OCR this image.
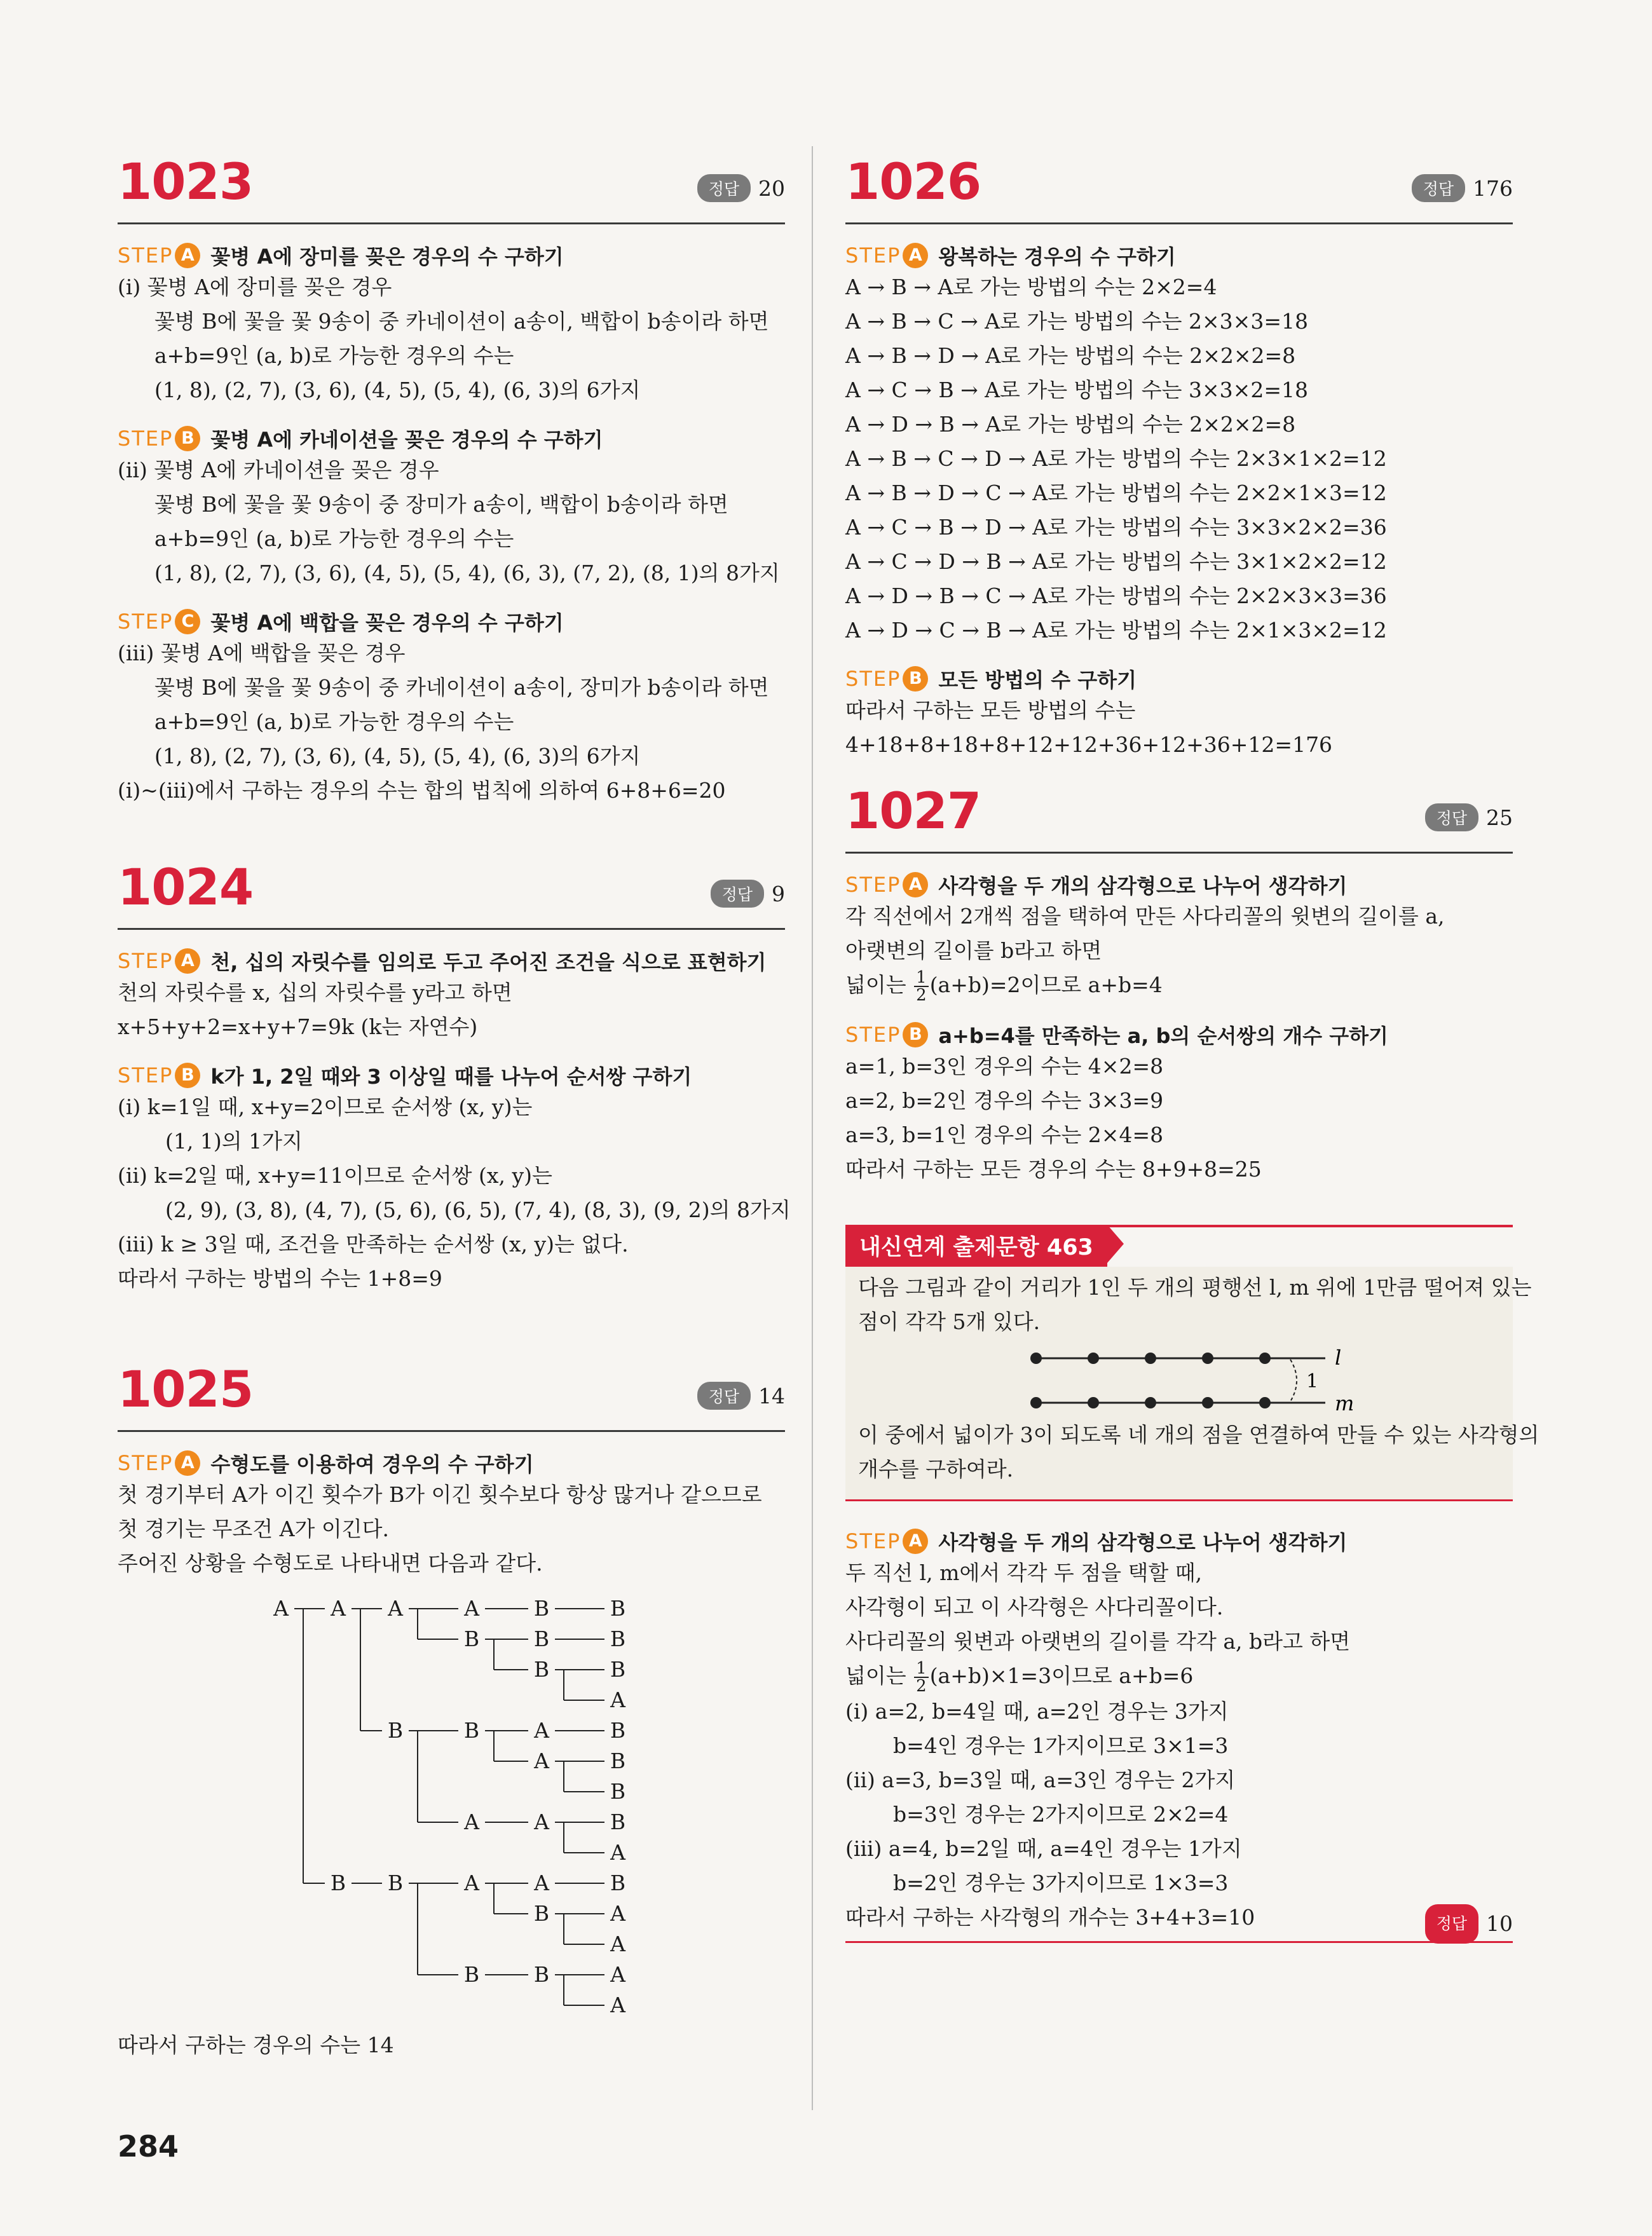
1023	정답 20
STEP A 꽃병 A에 장미를 꽂은 경우의 수 구하기
(ⅰ) 꽃병 A에 장미를 꽂은 경우
꽃병 B에 꽃을 꽃 9송이 중 카네이션이 a송이, 백합이 b송이라 하면
a+b=9인 (a, b)로 가능한 경우의 수는
(1, 8), (2, 7), (3, 6), (4, 5), (5, 4), (6, 3)의 6가지
STEP B 꽃병 A에 카네이션을 꽂은 경우의 수 구하기
(ⅱ) 꽃병 A에 카네이션을 꽂은 경우
꽃병 B에 꽃을 꽃 9송이 중 장미가 a송이, 백합이 b송이라 하면
a+b=9인 (a, b)로 가능한 경우의 수는
(1, 8), (2, 7), (3, 6), (4, 5), (5, 4), (6, 3), (7, 2), (8, 1)의 8가지
STEP C 꽃병 A에 백합을 꽂은 경우의 수 구하기
(ⅲ) 꽃병 A에 백합을 꽂은 경우
꽃병 B에 꽃을 꽃 9송이 중 카네이션이 a송이, 장미가 b송이라 하면
a+b=9인 (a, b)로 가능한 경우의 수는
(1, 8), (2, 7), (3, 6), (4, 5), (5, 4), (6, 3)의 6가지
(ⅰ)~(ⅲ)에서 구하는 경우의 수는 합의 법칙에 의하여 6+8+6=20
1024	정답 9
STEP A 천, 십의 자릿수를 임의로 두고 주어진 조건을 식으로 표현하기
천의 자릿수를 x, 십의 자릿수를 y라고 하면
x+5+y+2=x+y+7=9k (k는 자연수)
STEP B k가 1, 2일 때와 3 이상일 때를 나누어 순서쌍 구하기
(ⅰ) k=1일 때, x+y=2이므로 순서쌍 (x, y)는
(1, 1)의 1가지
(ⅱ) k=2일 때, x+y=11이므로 순서쌍 (x, y)는
(2, 9), (3, 8), (4, 7), (5, 6), (6, 5), (7, 4), (8, 3), (9, 2)의 8가지
(ⅲ) k ≥ 3일 때, 조건을 만족하는 순서쌍 (x, y)는 없다.
따라서 구하는 방법의 수는 1+8=9
1025	정답 14
STEP A 수형도를 이용하여 경우의 수 구하기
첫 경기부터 A가 이긴 횟수가 B가 이긴 횟수보다 항상 많거나 같으므로
첫 경기는 무조건 A가 이긴다.
주어진 상황을 수형도로 나타내면 다음과 같다.
A A A	A	B	B
B	B	B
B	B
A
B	B	A	B
A	B
B
A	A	B
A
B B	A	A	B
B	A
A
B	B	A
A
따라서 구하는 경우의 수는 14
1026	정답 176
STEP A 왕복하는 경우의 수 구하기
A → B → A로 가는 방법의 수는 2×2=4
A → B → C → A로 가는 방법의 수는 2×3×3=18
A → B → D → A로 가는 방법의 수는 2×2×2=8
A → C → B → A로 가는 방법의 수는 3×3×2=18
A → D → B → A로 가는 방법의 수는 2×2×2=8
A → B → C → D → A로 가는 방법의 수는 2×3×1×2=12
A → B → D → C → A로 가는 방법의 수는 2×2×1×3=12
A → C → B → D → A로 가는 방법의 수는 3×3×2×2=36
A → C → D → B → A로 가는 방법의 수는 3×1×2×2=12
A → D → B → C → A로 가는 방법의 수는 2×2×3×3=36
A → D → C → B → A로 가는 방법의 수는 2×1×3×2=12
STEP B 모든 방법의 수 구하기
따라서 구하는 모든 방법의 수는
4+18+8+18+8+12+12+36+12+36+12=176
1027	정답 25
STEP A 사각형을 두 개의 삼각형으로 나누어 생각하기
각 직선에서 2개씩 점을 택하여 만든 사다리꼴의 윗변의 길이를 a,
아랫변의 길이를 b라고 하면
넓이는 $\frac{1}{2} (a+b)=2$이므로 a+b=4
STEP B a+b=4를 만족하는 a, b의 순서쌍의 개수 구하기
a=1, b=3인 경우의 수는 4×2=8
a=2, b=2인 경우의 수는 3×3=9
a=3, b=1인 경우의 수는 2×4=8
따라서 구하는 모든 경우의 수는 8+9+8=25
내신연계 출제문항 463
다음 그림과 같이 거리가 1인 두 개의 평행선 l, m 위에 1만큼 떨어져 있는
점이 각각 5개 있다.
1
l
m
이 중에서 넓이가 3이 되도록 네 개의 점을 연결하여 만들 수 있는 사각형의
개수를 구하여라.
STEP A 사각형을 두 개의 삼각형으로 나누어 생각하기
두 직선 l, m에서 각각 두 점을 택할 때,
사각형이 되고 이 사각형은 사다리꼴이다.
사다리꼴의 윗변과 아랫변의 길이를 각각 a, b라고 하면
넓이는 $\frac{1}{2} (a+b)\times 1=3$이므로 a+b=6
(ⅰ) a=2, b=4일 때, a=2인 경우는 3가지
b=4인 경우는 1가지이므로 3×1=3
(ⅱ) a=3, b=3일 때, a=3인 경우는 2가지
b=3인 경우는 2가지이므로 2×2=4
(ⅲ) a=4, b=2일 때, a=4인 경우는 1가지
b=2인 경우는 3가지이므로 1×3=3
따라서 구하는 사각형의 개수는 3+4+3=10	정답 10
284
